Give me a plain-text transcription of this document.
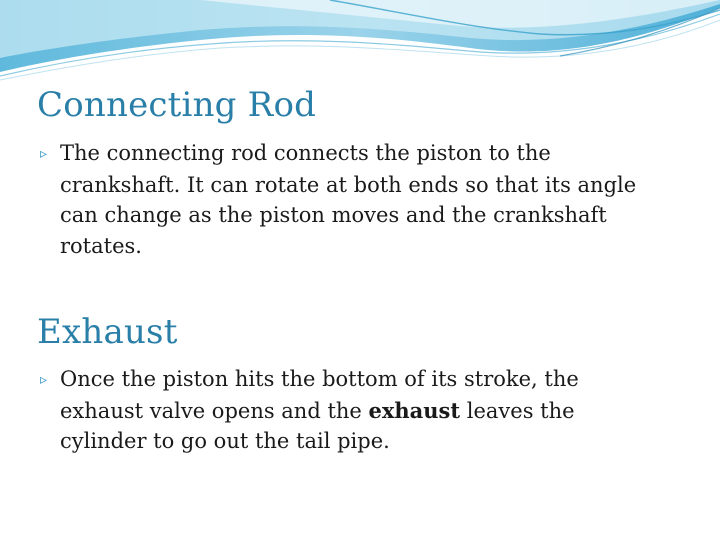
Connecting Rod

▹ The connecting rod connects the piston to the
crankshaft. It can rotate at both ends so that its angle
can change as the piston moves and the crankshaft
rotates.

Exhaust

▹ Once the piston hits the bottom of its stroke, the
exhaust valve opens and the exhaust leaves the
cylinder to go out the tail pipe.
